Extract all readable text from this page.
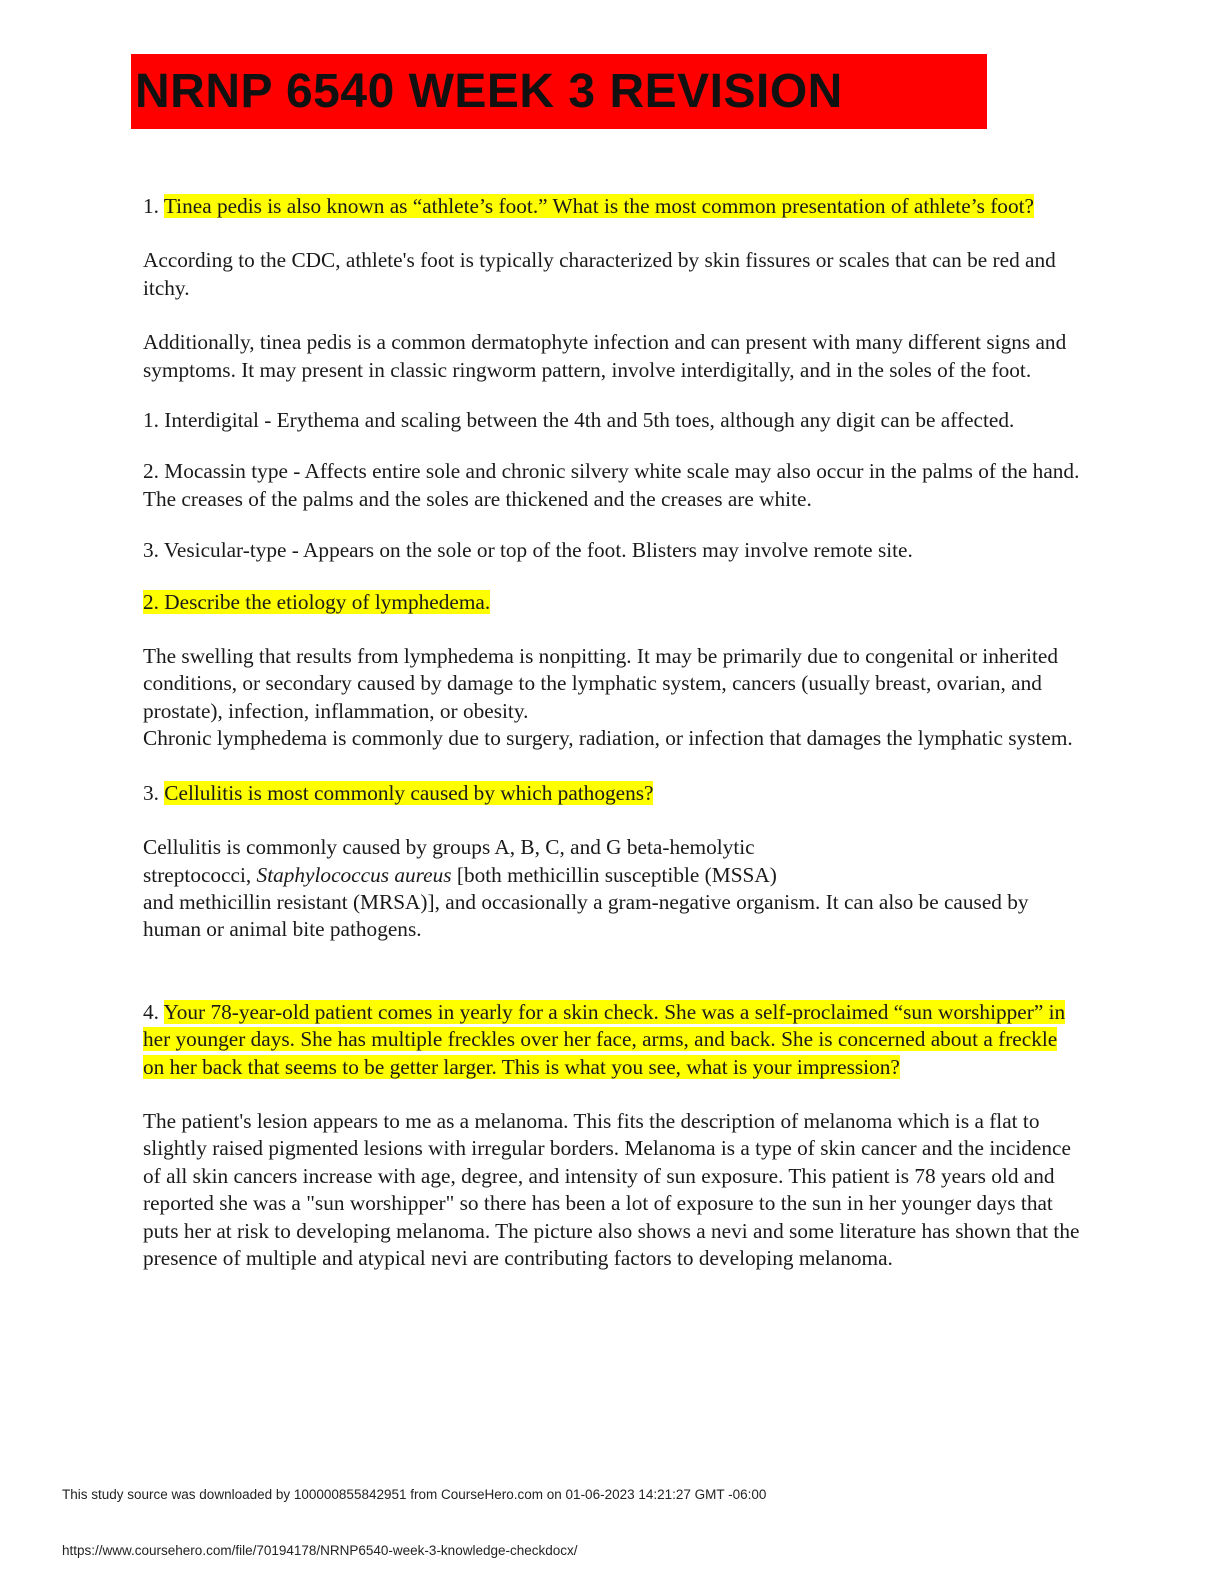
NRNP 6540 WEEK 3 REVISION

1. Tinea pedis is also known as “athlete’s foot.” What is the most common presentation of athlete’s foot?

According to the CDC, athlete's foot is typically characterized by skin fissures or scales that can be red and itchy.

Additionally, tinea pedis is a common dermatophyte infection and can present with many different signs and symptoms. It may present in classic ringworm pattern, involve interdigitally, and in the soles of the foot.

1. Interdigital - Erythema and scaling between the 4th and 5th toes, although any digit can be affected.

2. Mocassin type - Affects entire sole and chronic silvery white scale may also occur in the palms of the hand. The creases of the palms and the soles are thickened and the creases are white.

3. Vesicular-type - Appears on the sole or top of the foot. Blisters may involve remote site.

2. Describe the etiology of lymphedema.

The swelling that results from lymphedema is nonpitting. It may be primarily due to congenital or inherited conditions, or secondary caused by damage to the lymphatic system, cancers (usually breast, ovarian, and prostate), infection, inflammation, or obesity.

Chronic lymphedema is commonly due to surgery, radiation, or infection that damages the lymphatic system.

3. Cellulitis is most commonly caused by which pathogens?

Cellulitis is commonly caused by groups A, B, C, and G beta-hemolytic

streptococci, Staphylococcus aureus [both methicillin susceptible (MSSA)

and methicillin resistant (MRSA)], and occasionally a gram-negative organism. It can also be caused by human or animal bite pathogens.

4. Your 78-year-old patient comes in yearly for a skin check. She was a self-proclaimed “sun worshipper” in her younger days. She has multiple freckles over her face, arms, and back. She is concerned about a freckle on her back that seems to be getter larger. This is what you see, what is your impression?

The patient's lesion appears to me as a melanoma. This fits the description of melanoma which is a flat to slightly raised pigmented lesions with irregular borders. Melanoma is a type of skin cancer and the incidence of all skin cancers increase with age, degree, and intensity of sun exposure. This patient is 78 years old and reported she was a "sun worshipper" so there has been a lot of exposure to the sun in her younger days that puts her at risk to developing melanoma. The picture also shows a nevi and some literature has shown that the presence of multiple and atypical nevi are contributing factors to developing melanoma.

This study source was downloaded by 100000855842951 from CourseHero.com on 01-06-2023 14:21:27 GMT -06:00
https://www.coursehero.com/file/70194178/NRNP6540-week-3-knowledge-checkdocx/
